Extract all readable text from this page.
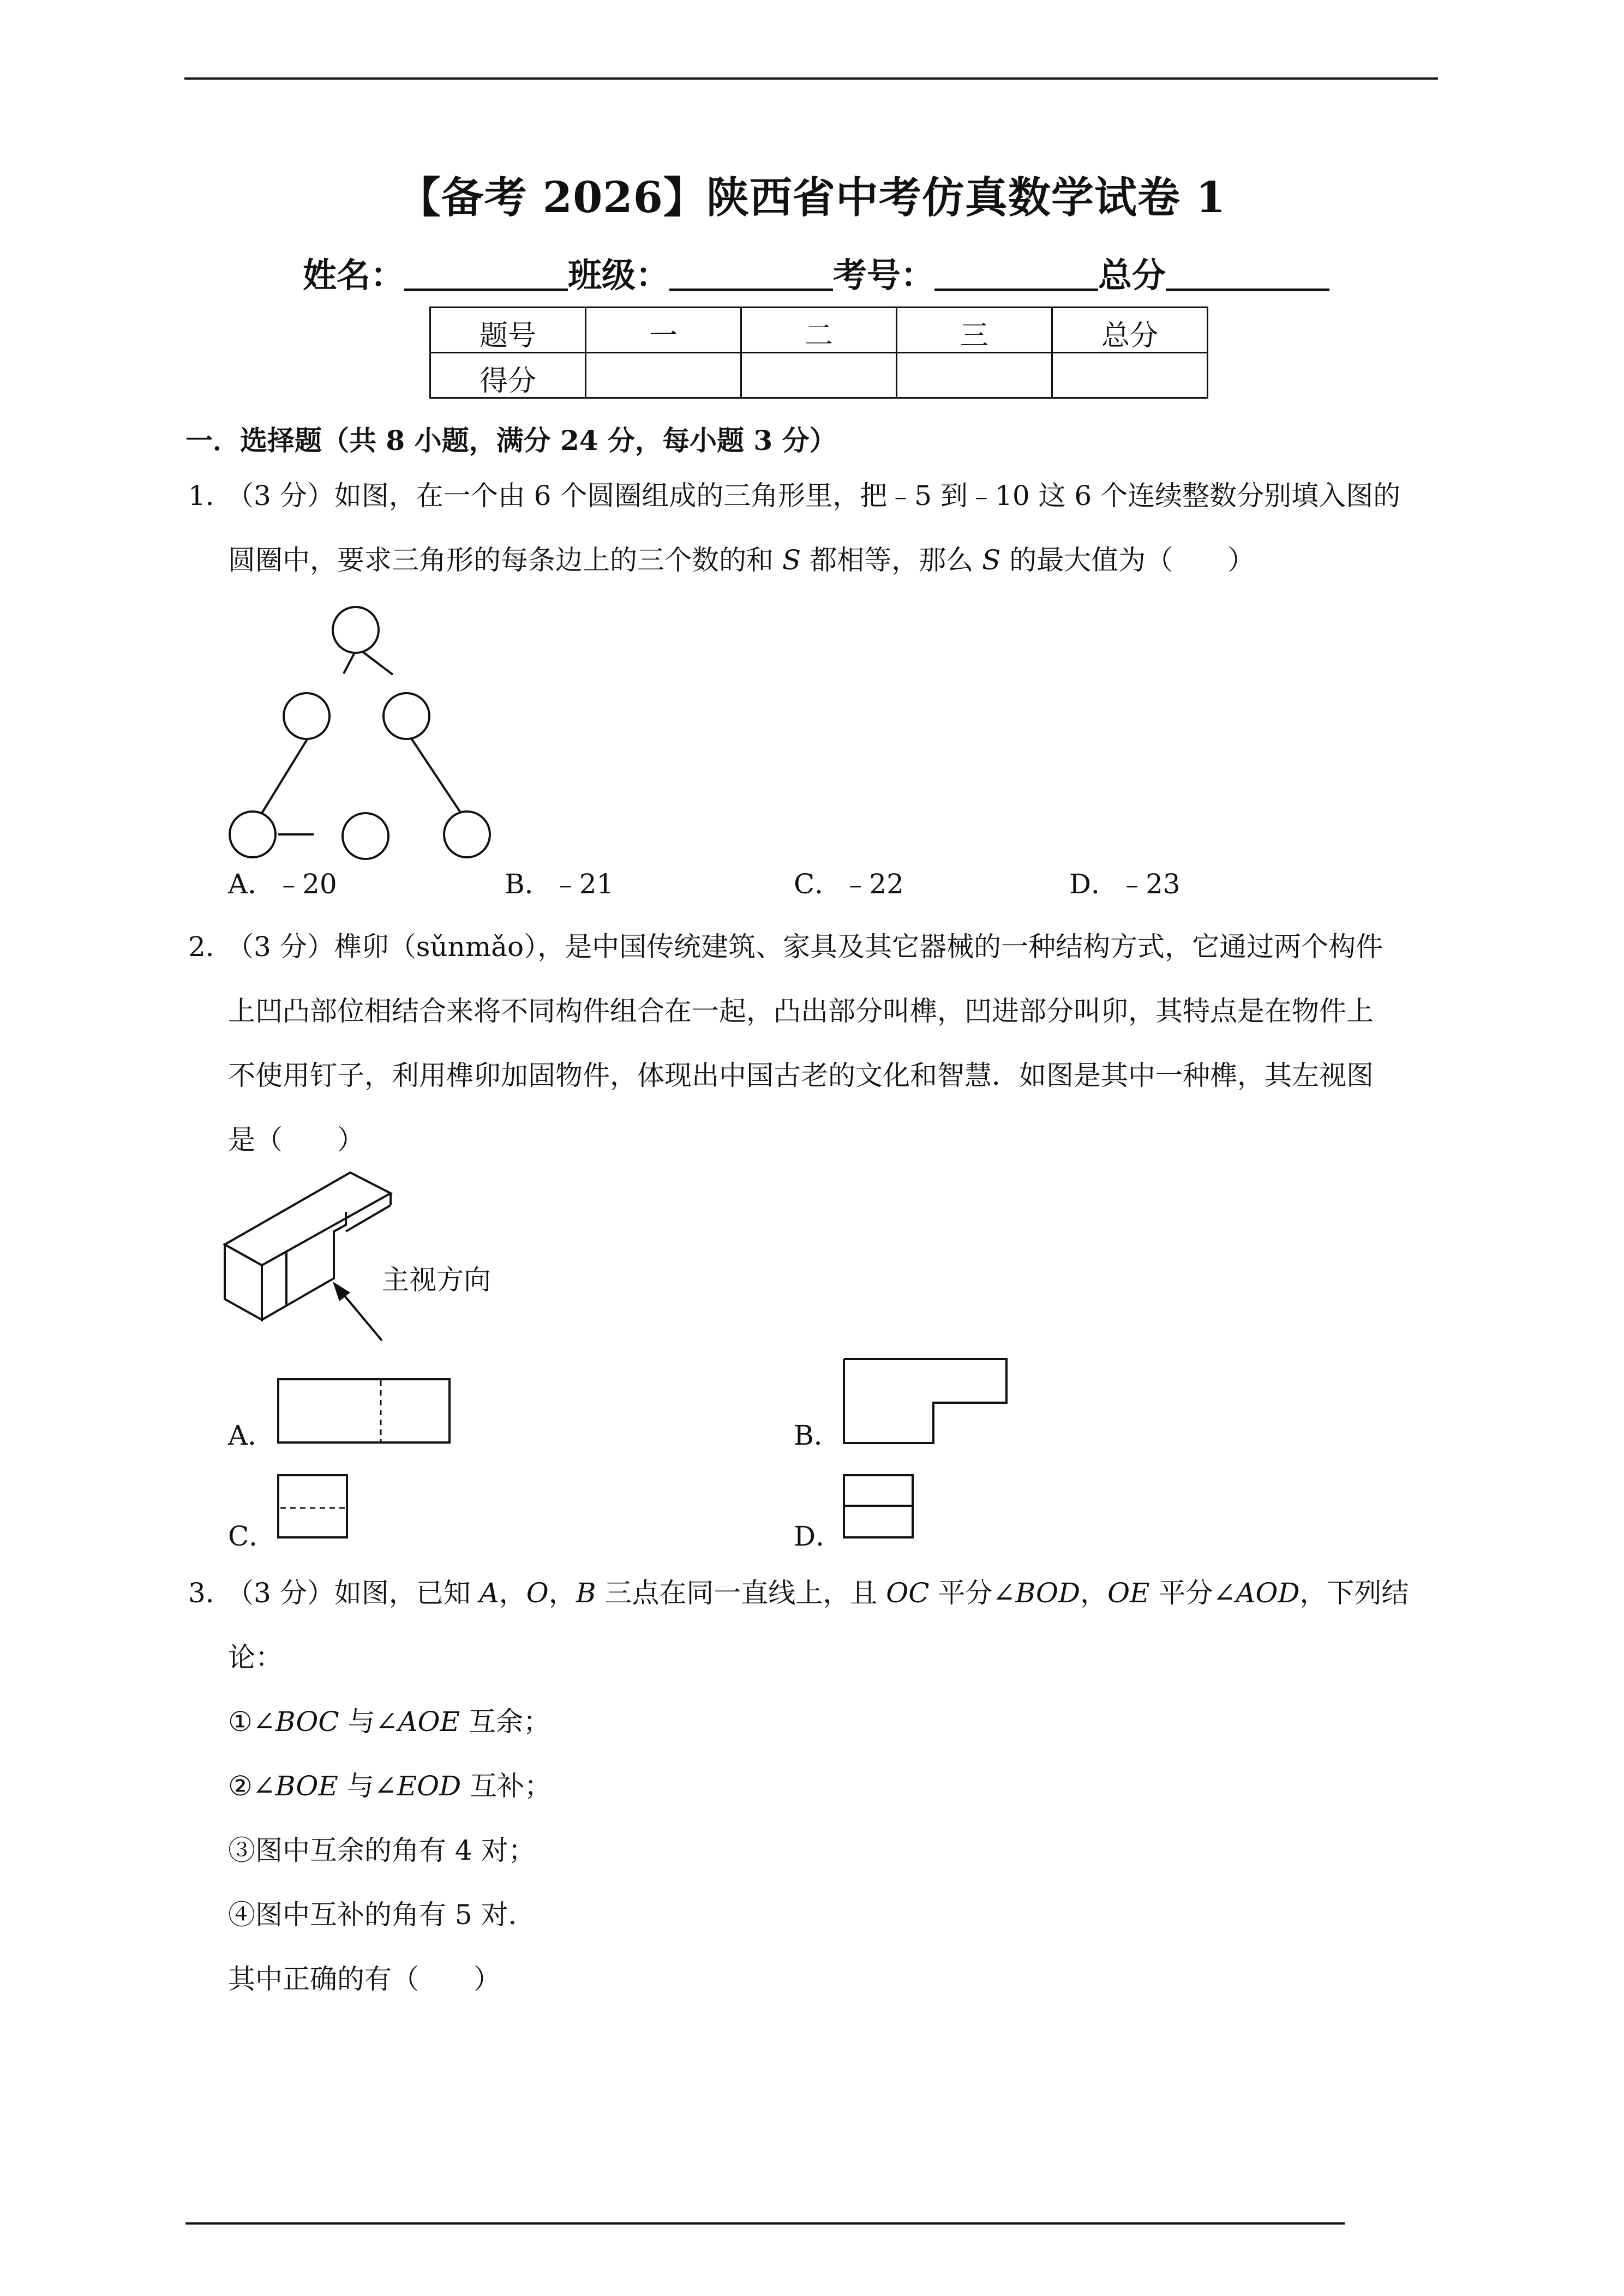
【备考 2026】陕西省中考仿真数学试卷 1
姓名：	班级：	考号：	总分
题号	一	二	三	总分
得分				
一．选择题（共 8 小题，满分 24 分，每小题 3 分）
1．（3 分）如图，在一个由 6 个圆圈组成的三角形里，把﹣5 到﹣10 这 6 个连续整数分别填入图的
圆圈中，要求三角形的每条边上的三个数的和 S 都相等，那么 S 的最大值为（　　）
A．﹣20	B．﹣21	C．﹣22	D．﹣23
2．（3 分）榫卯（sǔnmǎo），是中国传统建筑、家具及其它器械的一种结构方式，它通过两个构件
上凹凸部位相结合来将不同构件组合在一起，凸出部分叫榫，凹进部分叫卯，其特点是在物件上
不使用钉子，利用榫卯加固物件，体现出中国古老的文化和智慧．如图是其中一种榫，其左视图
是（　　）
主视方向
A．	B．
C．	D．
3．（3 分）如图，已知 A，O，B 三点在同一直线上，且 OC 平分∠BOD，OE 平分∠AOD，下列结
论：
①∠BOC 与∠AOE 互余；
②∠BOE 与∠EOD 互补；
③图中互余的角有 4 对；
④图中互补的角有 5 对．
其中正确的有（　　）
